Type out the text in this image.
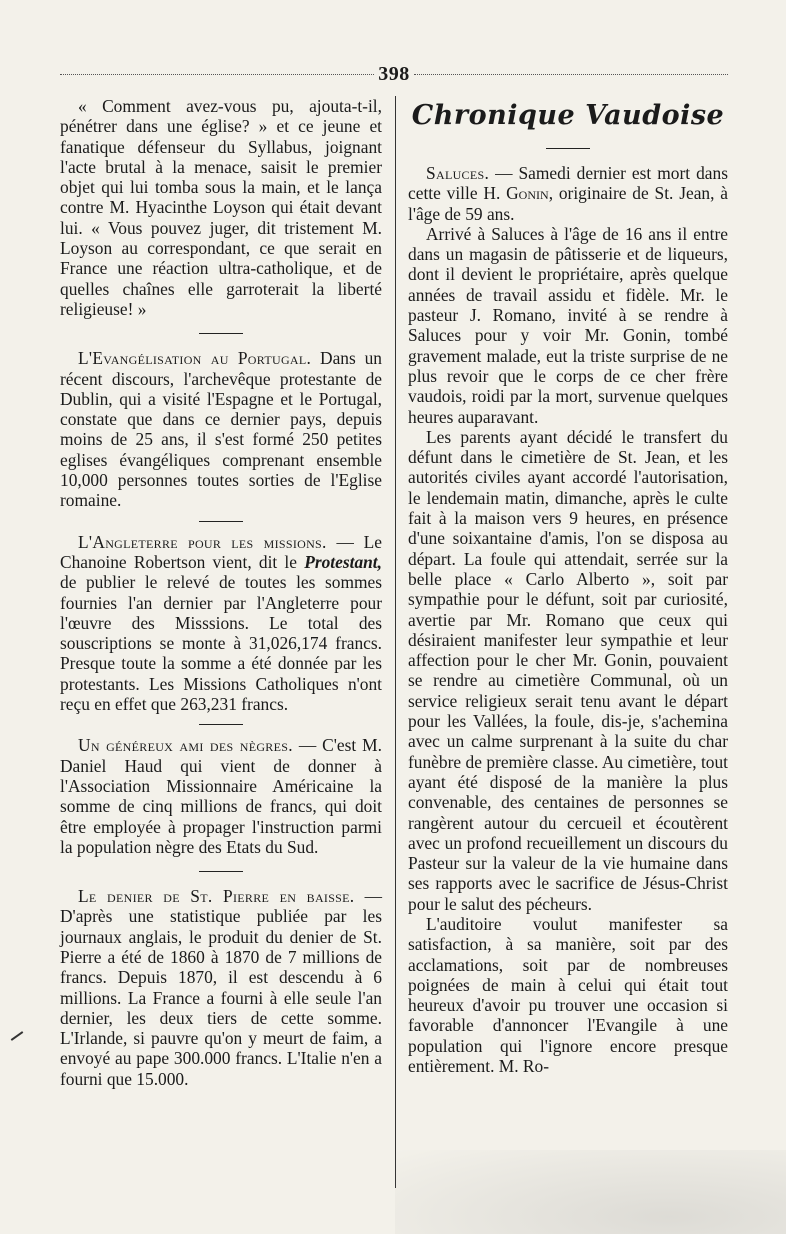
398

« Comment avez-vous pu, ajouta-t-il, pénétrer dans une église? » et ce jeune et fanatique défenseur du Syllabus, joignant l'acte brutal à la menace, saisit le premier objet qui lui tomba sous la main, et le lança contre M. Hyacinthe Loyson qui était devant lui. « Vous pouvez juger, dit tristement M. Loyson au correspondant, ce que serait en France une réaction ultra-catholique, et de quelles chaînes elle garroterait la liberté religieuse! »

L'Evangélisation au Portugal. Dans un récent discours, l'archevêque protestante de Dublin, qui a visité l'Espagne et le Portugal, constate que dans ce dernier pays, depuis moins de 25 ans, il s'est formé 250 petites eglises évangéliques comprenant ensemble 10,000 personnes toutes sorties de l'Eglise romaine.

L'Angleterre pour les missions. — Le Chanoine Robertson vient, dit le Protestant, de publier le relevé de toutes les sommes fournies l'an dernier par l'Angleterre pour l'œuvre des Misssions. Le total des souscriptions se monte à 31,026,174 francs. Presque toute la somme a été donnée par les protestants. Les Missions Catholiques n'ont reçu en effet que 263,231 francs.

Un généreux ami des nègres. — C'est M. Daniel Haud qui vient de donner à l'Association Missionnaire Américaine la somme de cinq millions de francs, qui doit être employée à propager l'instruction parmi la population nègre des Etats du Sud.

Le denier de St. Pierre en baisse. — D'après une statistique publiée par les journaux anglais, le produit du denier de St. Pierre a été de 1860 à 1870 de 7 millions de francs. Depuis 1870, il est descendu à 6 millions. La France a fourni à elle seule l'an dernier, les deux tiers de cette somme. L'Irlande, si pauvre qu'on y meurt de faim, a envoyé au pape 300.000 francs. L'Italie n'en a fourni que 15.000.

Chronique Vaudoise

Saluces. — Samedi dernier est mort dans cette ville H. Gonin, originaire de St. Jean, à l'âge de 59 ans.

Arrivé à Saluces à l'âge de 16 ans il entre dans un magasin de pâtisserie et de liqueurs, dont il devient le propriétaire, après quelque années de travail assidu et fidèle. Mr. le pasteur J. Romano, invité à se rendre à Saluces pour y voir Mr. Gonin, tombé gravement malade, eut la triste surprise de ne plus revoir que le corps de ce cher frère vaudois, roidi par la mort, survenue quelques heures auparavant.

Les parents ayant décidé le transfert du défunt dans le cimetière de St. Jean, et les autorités civiles ayant accordé l'autorisation, le lendemain matin, dimanche, après le culte fait à la maison vers 9 heures, en présence d'une soixantaine d'amis, l'on se disposa au départ. La foule qui attendait, serrée sur la belle place « Carlo Alberto », soit par sympathie pour le défunt, soit par curiosité, avertie par Mr. Romano que ceux qui désiraient manifester leur sympathie et leur affection pour le cher Mr. Gonin, pouvaient se rendre au cimetière Communal, où un service religieux serait tenu avant le départ pour les Vallées, la foule, dis-je, s'achemina avec un calme surprenant à la suite du char funèbre de première classe. Au cimetière, tout ayant été disposé de la manière la plus convenable, des centaines de personnes se rangèrent autour du cercueil et écoutèrent avec un profond recueillement un discours du Pasteur sur la valeur de la vie humaine dans ses rapports avec le sacrifice de Jésus-Christ pour le salut des pécheurs.

L'auditoire voulut manifester sa satisfaction, à sa manière, soit par des acclamations, soit par de nombreuses poignées de main à celui qui était tout heureux d'avoir pu trouver une occasion si favorable d'annoncer l'Evangile à une population qui l'ignore encore presque entièrement. M. Ro-
